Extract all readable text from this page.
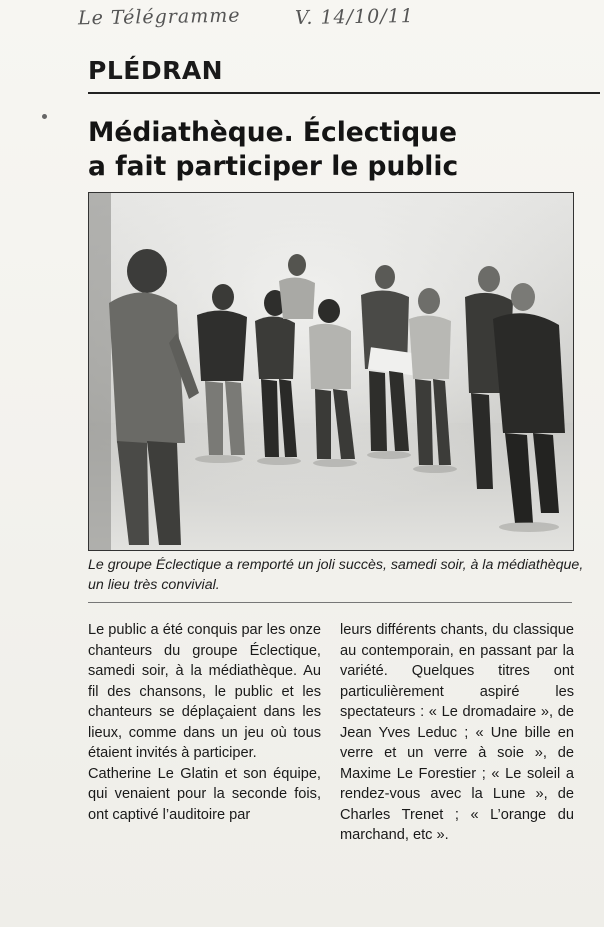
Le Télégramme	V. 14/10/11
PLÉDRAN
Médiathèque. Éclectique
a fait participer le public
Le groupe Éclectique a remporté un joli succès, samedi soir, à la médiathèque, un lieu très convivial.

Le public a été conquis par les onze chanteurs du groupe Éclectique, samedi soir, à la médiathèque. Au fil des chansons, le public et les chanteurs se déplaçaient dans les lieux, comme dans un jeu où tous étaient invités à participer.

Catherine Le Glatin et son équipe, qui venaient pour la seconde fois, ont captivé l’auditoire par

leurs différents chants, du classique au contemporain, en passant par la variété. Quelques titres ont particulièrement aspiré les spectateurs : « Le dromadaire », de Jean Yves Leduc ; « Une bille en verre et un verre à soie », de Maxime Le Forestier ; « Le soleil a rendez-vous avec la Lune », de Charles Trenet ; « L’orange du marchand, etc ».
